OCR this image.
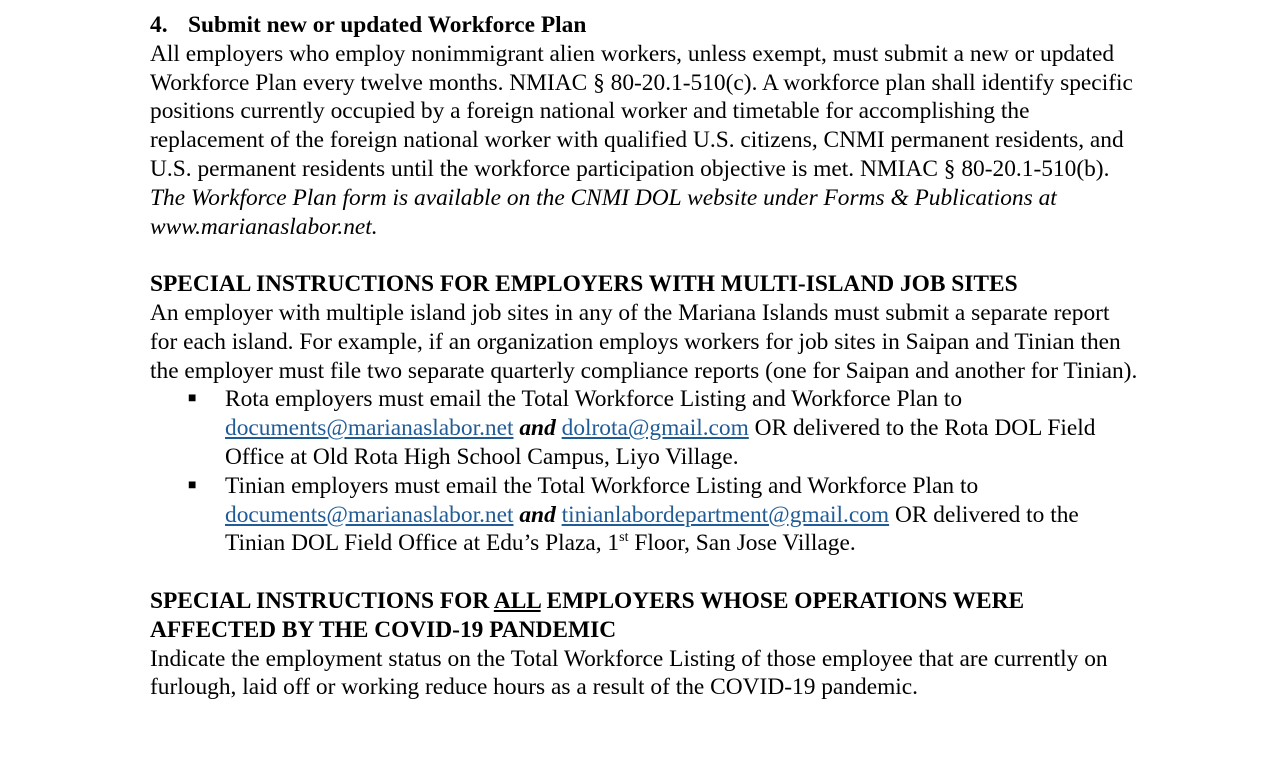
4. Submit new or updated Workforce Plan

All employers who employ nonimmigrant alien workers, unless exempt, must submit a new or updated Workforce Plan every twelve months. NMIAC § 80-20.1-510(c). A workforce plan shall identify specific positions currently occupied by a foreign national worker and timetable for accomplishing the replacement of the foreign national worker with qualified U.S. citizens, CNMI permanent residents, and U.S. permanent residents until the workforce participation objective is met. NMIAC § 80-20.1-510(b). The Workforce Plan form is available on the CNMI DOL website under Forms & Publications at www.marianaslabor.net.

SPECIAL INSTRUCTIONS FOR EMPLOYERS WITH MULTI-ISLAND JOB SITES

An employer with multiple island job sites in any of the Mariana Islands must submit a separate report for each island. For example, if an organization employs workers for job sites in Saipan and Tinian then the employer must file two separate quarterly compliance reports (one for Saipan and another for Tinian).

■ Rota employers must email the Total Workforce Listing and Workforce Plan to documents@marianaslabor.net and dolrota@gmail.com OR delivered to the Rota DOL Field Office at Old Rota High School Campus, Liyo Village.
■ Tinian employers must email the Total Workforce Listing and Workforce Plan to documents@marianaslabor.net and tinianlabordepartment@gmail.com OR delivered to the Tinian DOL Field Office at Edu’s Plaza, 1st Floor, San Jose Village.
SPECIAL INSTRUCTIONS FOR ALL EMPLOYERS WHOSE OPERATIONS WERE AFFECTED BY THE COVID-19 PANDEMIC

Indicate the employment status on the Total Workforce Listing of those employee that are currently on furlough, laid off or working reduce hours as a result of the COVID-19 pandemic.
